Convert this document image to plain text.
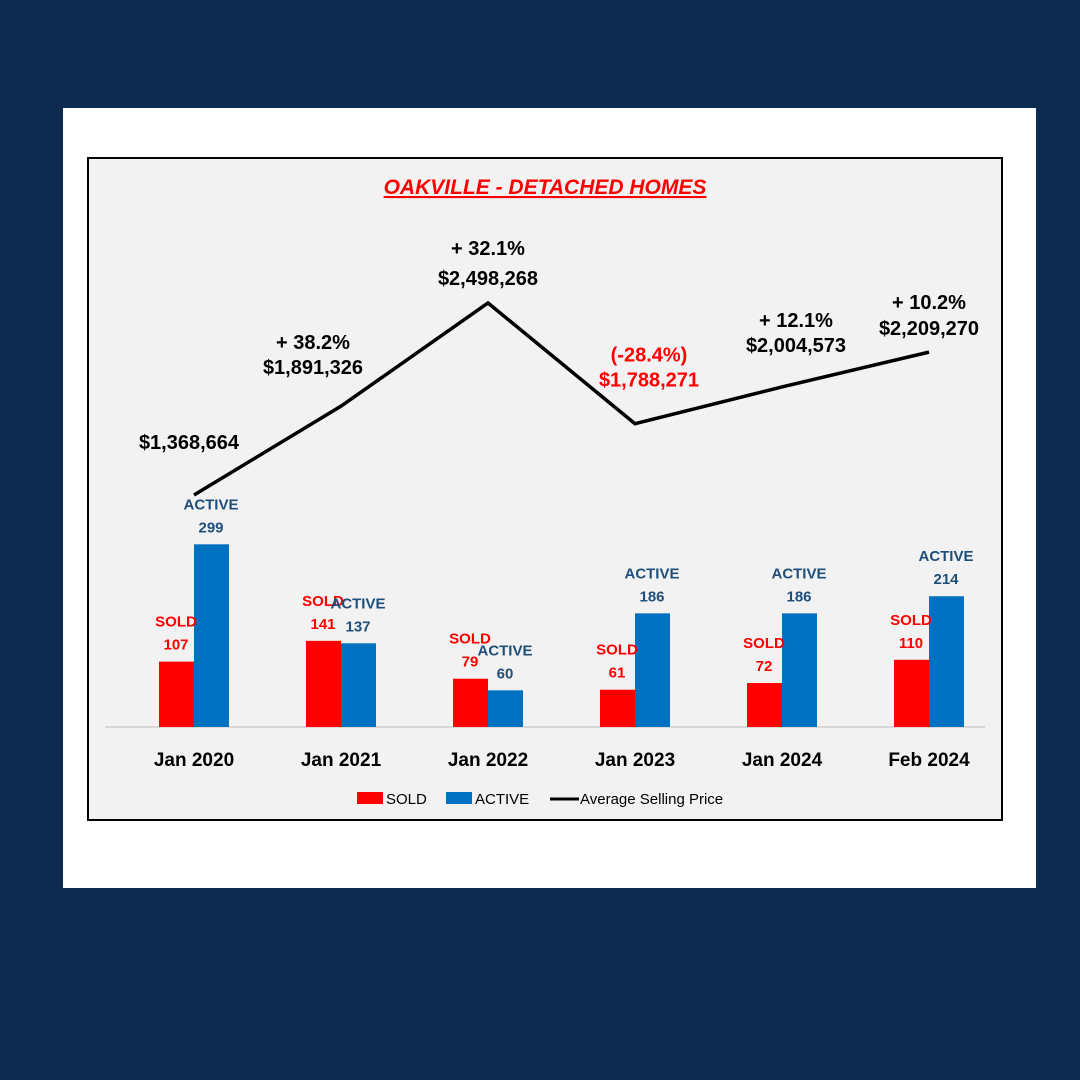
OAKVILLE - DETACHED HOMES
SOLD
107
ACTIVE
299
Jan 2020
SOLD
141
ACTIVE
137
Jan 2021
SOLD
79
ACTIVE
60
Jan 2022
SOLD
61
ACTIVE
186
Jan 2023
SOLD
72
ACTIVE
186
Jan 2024
SOLD
110
ACTIVE
214
Feb 2024
$1,368,664
$1,891,326
+ 38.2%
$2,498,268
+ 32.1%
$1,788,271
(-28.4%)	$2,004,573
+ 12.1% $2,209,270
+ 10.2%
SOLD	ACTIVE	Average Selling Price
